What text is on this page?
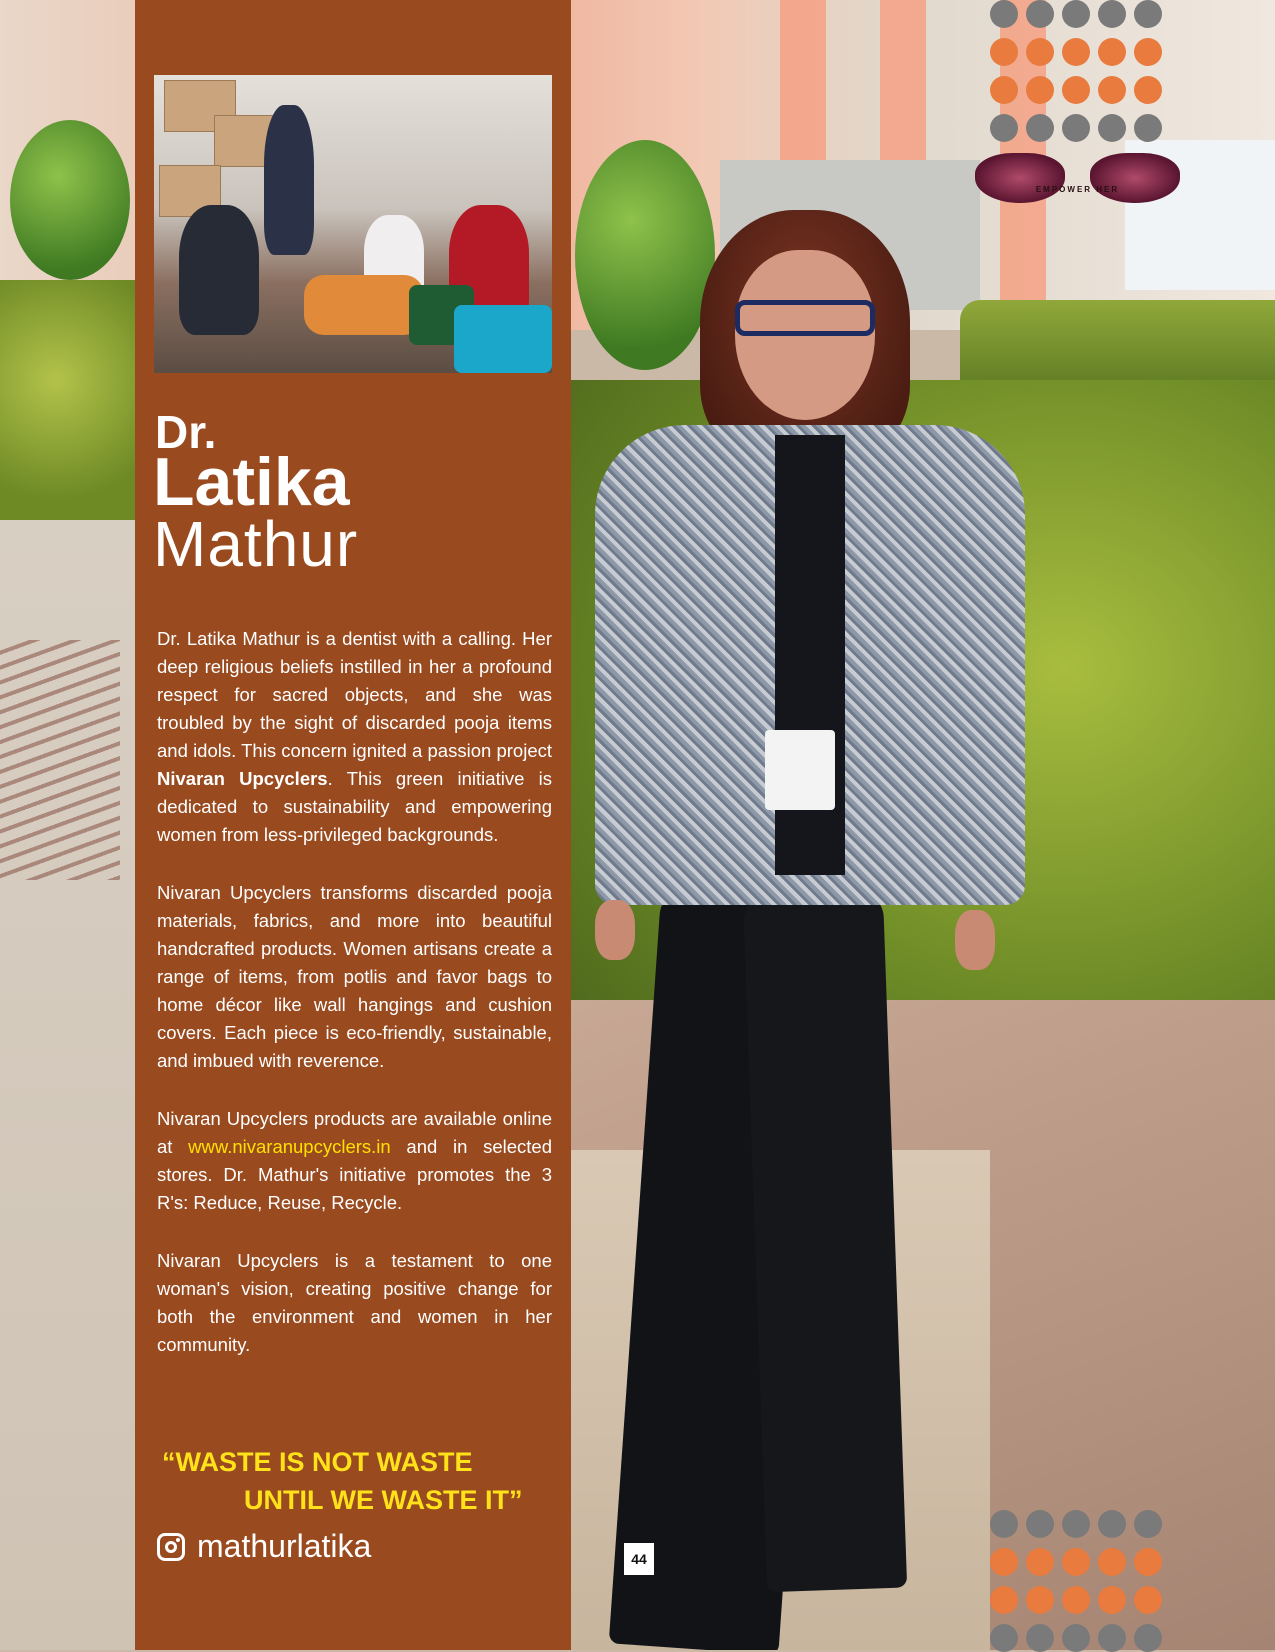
EMPOWER HER
Dr.
Latika
Mathur

Dr. Latika Mathur is a dentist with a calling. Her deep religious beliefs instilled in her a profound respect for sacred objects, and she was troubled by the sight of discarded pooja items and idols. This concern ignited a passion project Nivaran Upcyclers. This green initiative is dedicated to sustainability and empowering women from less-privileged backgrounds.

Nivaran Upcyclers transforms discarded pooja materials, fabrics, and more into beautiful handcrafted products. Women artisans create a range of items, from potlis and favor bags to home décor like wall hangings and cushion covers. Each piece is eco-friendly, sustainable, and imbued with reverence.

Nivaran Upcyclers products are available online at www.nivaranupcyclers.in and in selected stores. Dr. Mathur's initiative promotes the 3 R's: Reduce, Reuse, Recycle.

Nivaran Upcyclers is a testament to one woman's vision, creating positive change for both the environment and women in her community.

“WASTE IS NOT WASTE
UNTIL WE WASTE IT”
mathurlatika	44
